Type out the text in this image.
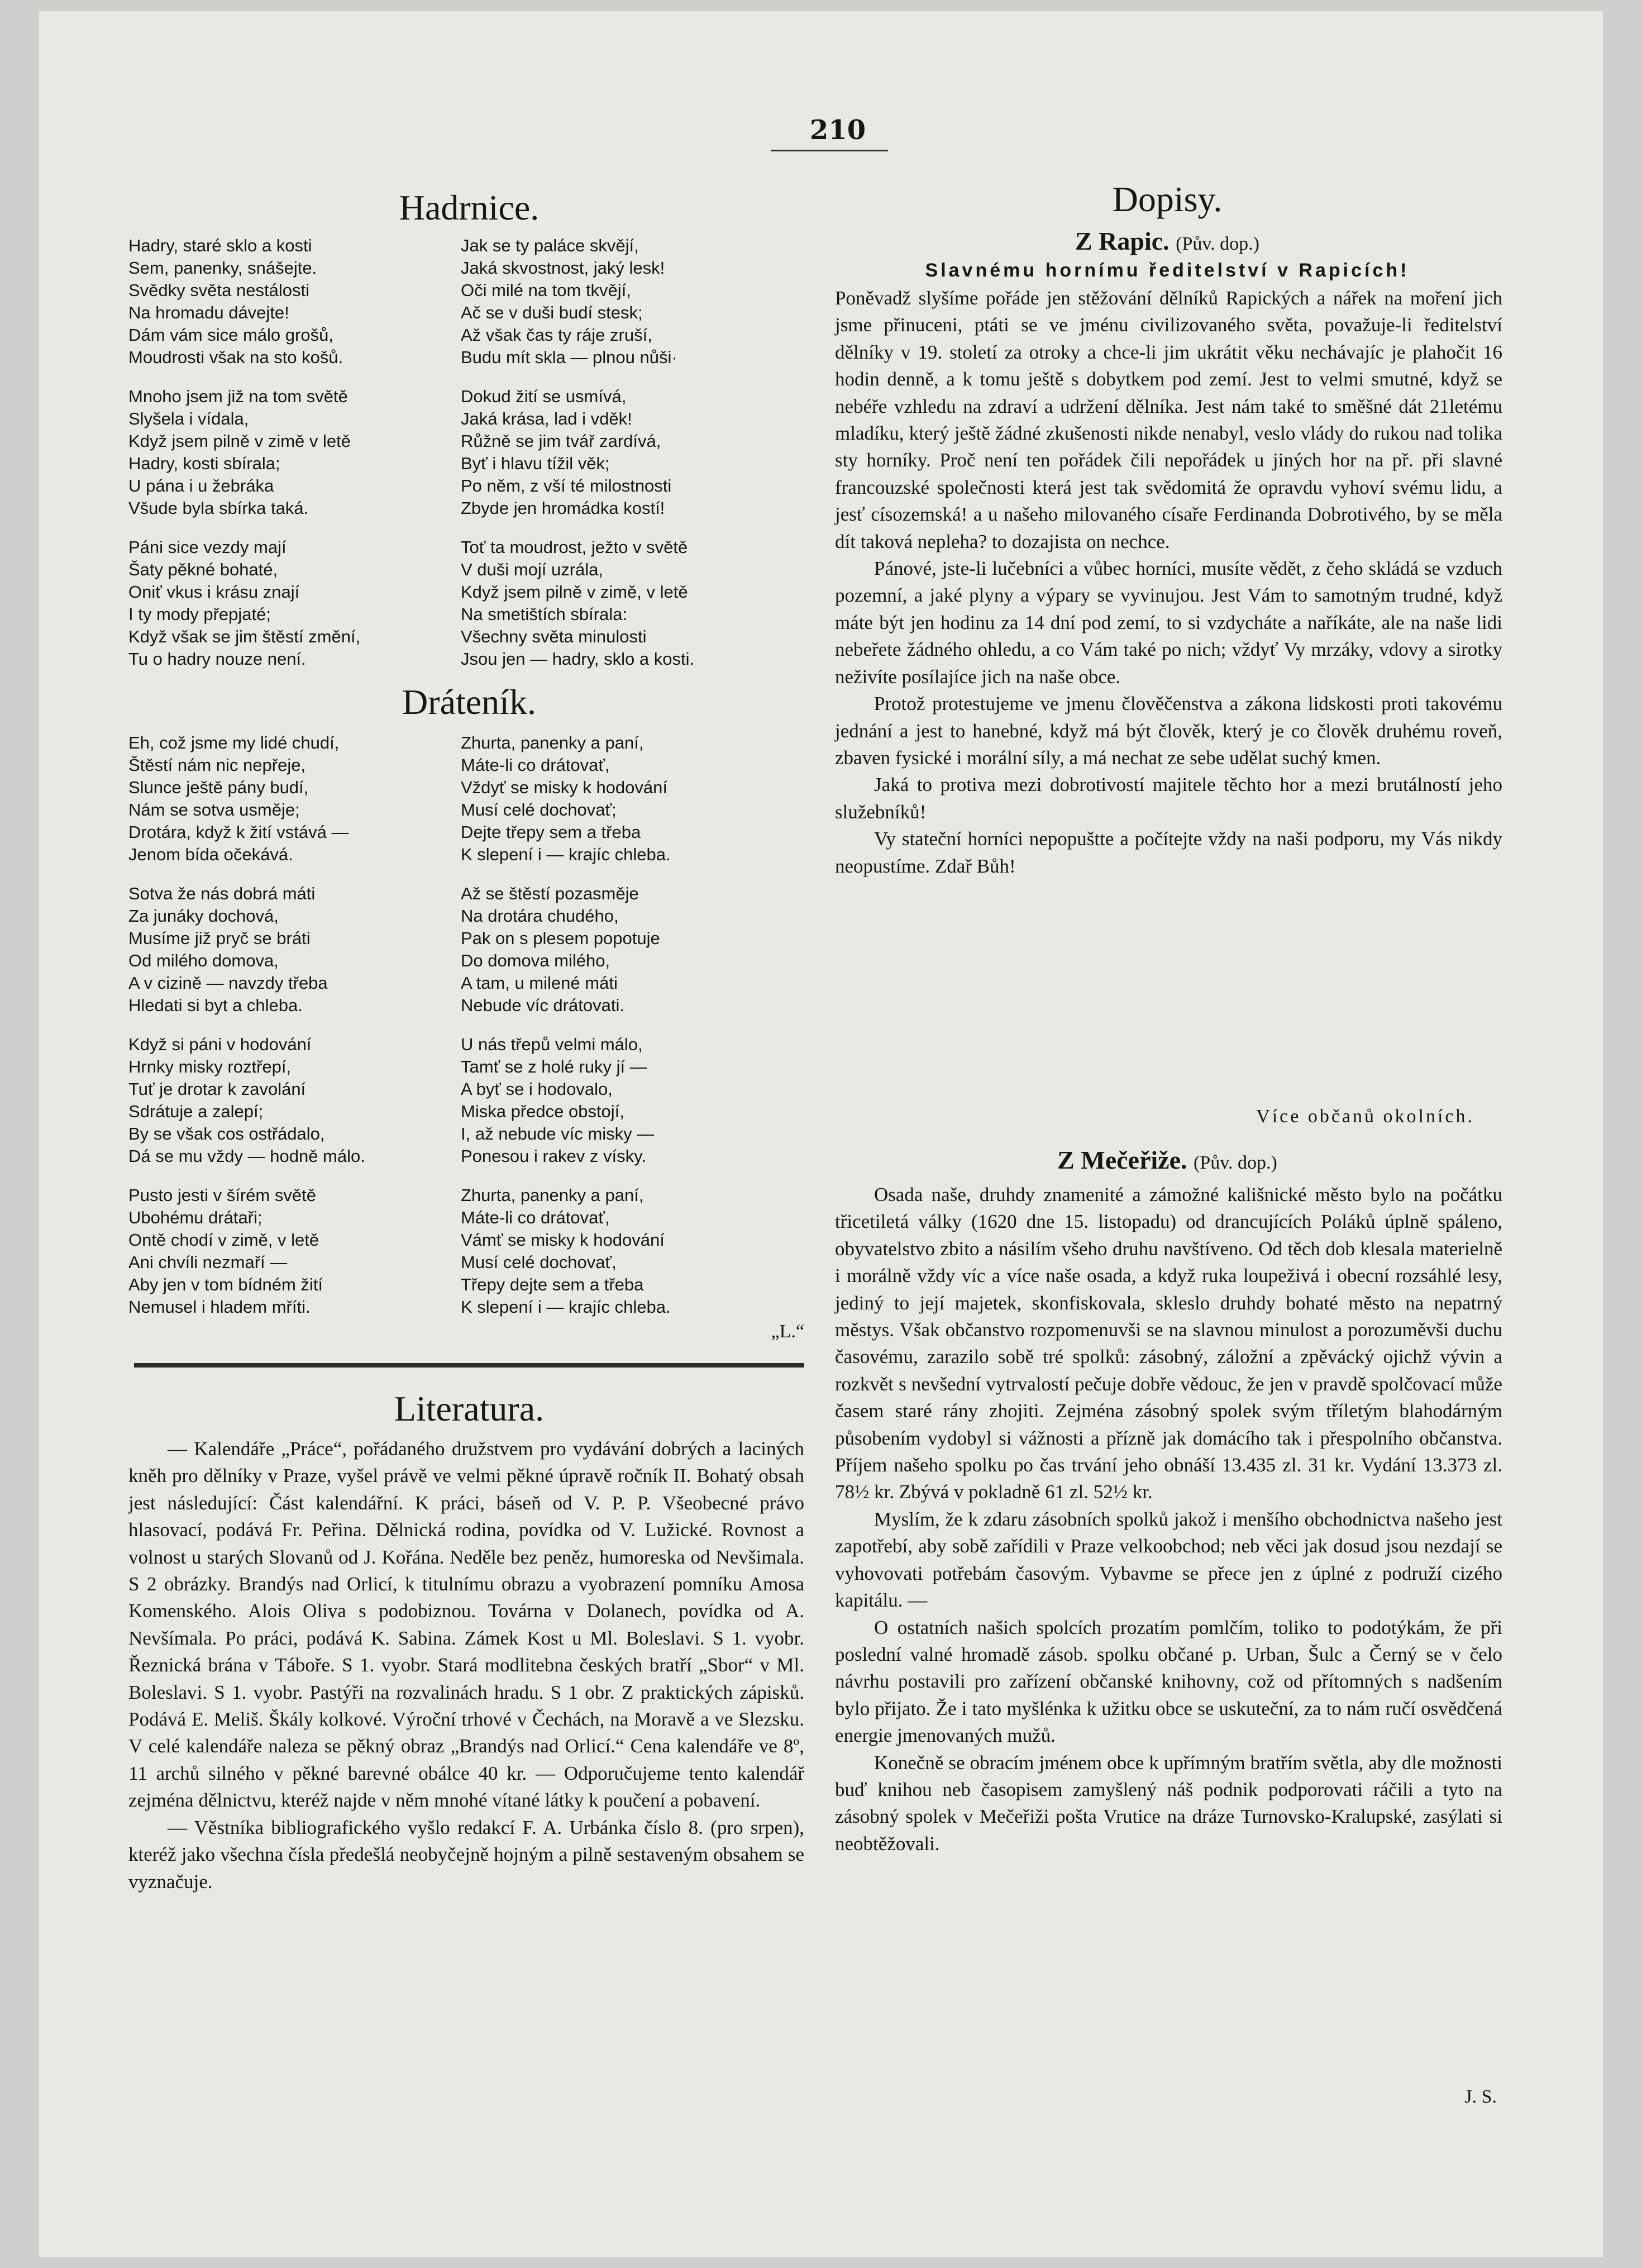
210
Hadrnice.
Hadry, staré sklo a kosti
Sem, panenky, snášejte.
Svědky světa nestálosti
Na hromadu dávejte!
Dám vám sice málo grošů,
Moudrosti však na sto košů.
Mnoho jsem již na tom světě
Slyšela i vídala,
Když jsem pilně v zimě v letě
Hadry, kosti sbírala;
U pána i u žebráka
Všude byla sbírka taká.
Páni sice vezdy mají
Šaty pěkné bohaté,
Oniť vkus i krásu znají
I ty mody přepjaté;
Když však se jim štěstí změní,
Tu o hadry nouze není.
Jak se ty paláce skvějí,
Jaká skvostnost, jaký lesk!
Oči milé na tom tkvějí,
Ač se v duši budí stesk;
Až však čas ty ráje zruší,
Budu mít skla — plnou nůši·
Dokud žití se usmívá,
Jaká krása, lad i vděk!
Růžně se jim tvář zardívá,
Byť i hlavu tížil věk;
Po něm, z vší té milostnosti
Zbyde jen hromádka kostí!
Toť ta moudrost, ježto v světě
V duši mojí uzrála,
Když jsem pilně v zimě, v letě
Na smetištích sbírala:
Všechny světa minulosti
Jsou jen — hadry, sklo a kosti.
Dráteník.
Eh, což jsme my lidé chudí,
Štěstí nám nic nepřeje,
Slunce ještě pány budí,
Nám se sotva usměje;
Drotára, když k žití vstává —
Jenom bída očekává.
Sotva že nás dobrá máti
Za junáky dochová,
Musíme již pryč se bráti
Od milého domova,
A v cizině — navzdy třeba
Hledati si byt a chleba.
Když si páni v hodování
Hrnky misky roztřepí,
Tuť je drotar k zavolání
Sdrátuje a zalepí;
By se však cos ostřádalo,
Dá se mu vždy — hodně málo.
Pusto jesti v šírém světě
Ubohému drátaři;
Ontě chodí v zimě, v letě
Ani chvíli nezmaří —
Aby jen v tom bídném žití
Nemusel i hladem mříti.
Zhurta, panenky a paní,
Máte-li co drátovať,
Vždyť se misky k hodování
Musí celé dochovať;
Dejte třepy sem a třeba
K slepení i — krajíc chleba.
Až se štěstí pozasměje
Na drotára chudého,
Pak on s plesem popotuje
Do domova milého,
A tam, u milené máti
Nebude víc drátovati.
U nás třepů velmi málo,
Tamť se z holé ruky jí —
A byť se i hodovalo,
Miska předce obstojí,
I, až nebude víc misky —
Ponesou i rakev z vísky.
Zhurta, panenky a paní,
Máte-li co drátovať,
Vámť se misky k hodování
Musí celé dochovať,
Třepy dejte sem a třeba
K slepení i — krajíc chleba.
„L.“
Literatura.

— Kalendáře „Práce“, pořádaného družstvem pro vydávání dobrých a laciných kněh pro dělníky v Praze, vyšel právě ve velmi pěkné úpravě ročník II. Bohatý obsah jest následující: Část kalendářní. K práci, báseň od V. P. P. Všeobecné právo hlasovací, podává Fr. Peřina. Dělnická rodina, povídka od V. Lužické. Rovnost a volnost u starých Slovanů od J. Kořána. Neděle bez peněz, humoreska od Nevšimala. S 2 obrázky. Brandýs nad Orlicí, k titulnímu obrazu a vyobrazení pomníku Amosa Komenského. Alois Oliva s podobiznou. Továrna v Dolanech, povídka od A. Nevšímala. Po práci, podává K. Sabina. Zámek Kost u Ml. Boleslavi. S 1. vyobr. Řeznická brána v Táboře. S 1. vyobr. Stará modlitebna českých bratří „Sbor“ v Ml. Boleslavi. S 1. vyobr. Pastýři na rozvalinách hradu. S 1 obr. Z praktických zápisků. Podává E. Meliš. Škály kolkové. Výroční trhové v Čechách, na Moravě a ve Slezsku. V celé kalendáře naleza se pěkný obraz „Brandýs nad Orlicí.“ Cena kalendáře ve 8º, 11 archů silného v pěkné barevné obálce 40 kr. — Odporučujeme tento kalendář zejména dělnictvu, kteréž najde v něm mnohé vítané látky k poučení a pobavení.

— Věstníka bibliografického vyšlo redakcí F. A. Urbánka číslo 8. (pro srpen), kteréž jako všechna čísla předešlá neobyčejně hojným a pilně sestaveným obsahem se vyznačuje.

Dopisy.
Z Rapic. (Pův. dop.)
Slavnému hornímu ředitelství v Rapicích!

Poněvadž slyšíme pořáde jen stěžování dělníků Rapických a nářek na moření jich jsme přinuceni, ptáti se ve jménu civilizovaného světa, považuje-li ředitelství dělníky v 19. století za otroky a chce-li jim ukrátit věku nechávajíc je plahočit 16 hodin denně, a k tomu ještě s dobytkem pod zemí. Jest to velmi smutné, když se nebéře vzhledu na zdraví a udržení dělníka. Jest nám také to směšné dát 21letému mladíku, který ještě žádné zkušenosti nikde nenabyl, veslo vlády do rukou nad tolika sty horníky. Proč není ten pořádek čili nepořádek u jiných hor na př. při slavné francouzské společnosti která jest tak svědomitá že opravdu vyhoví svému lidu, a jesť císozemská! a u našeho milovaného císaře Ferdinanda Dobrotivého, by se měla dít taková nepleha? to dozajista on nechce.

Pánové, jste-li lučebníci a vůbec horníci, musíte vědět, z čeho skládá se vzduch pozemní, a jaké plyny a výpary se vyvinujou. Jest Vám to samotným trudné, když máte být jen hodinu za 14 dní pod zemí, to si vzdycháte a naříkáte, ale na naše lidi nebeřete žádného ohledu, a co Vám také po nich; vždyť Vy mrzáky, vdovy a sirotky neživíte posílajíce jich na naše obce.

Protož protestujeme ve jmenu člověčenstva a zákona lidskosti proti takovému jednání a jest to hanebné, když má být člověk, který je co člověk druhému roveň, zbaven fysické i morální síly, a má nechat ze sebe udělat suchý kmen.

Jaká to protiva mezi dobrotivostí majitele těchto hor a mezi brutálností jeho služebníků!

Vy stateční horníci nepopuštte a počítejte vždy na naši podporu, my Vás nikdy neopustíme. Zdař Bůh!

Více občanů okolních.
Z Mečeřiže. (Pův. dop.)

Osada naše, druhdy znamenité a zámožné kališnické město bylo na počátku třicetiletá války (1620 dne 15. listopadu) od drancujících Poláků úplně spáleno, obyvatelstvo zbito a násilím všeho druhu navštíveno. Od těch dob klesala materielně i morálně vždy víc a více naše osada, a když ruka loupeživá i obecní rozsáhlé lesy, jediný to její majetek, skonfiskovala, skleslo druhdy bohaté město na nepatrný městys. Však občanstvo rozpomenuvši se na slavnou minulost a porozuměvši duchu časovému, zarazilo sobě tré spolků: zásobný, záložní a zpěvácký ojichž vývin a rozkvět s nevšední vytrvalostí pečuje dobře vědouc, že jen v pravdě spolčovací může časem staré rány zhojiti. Zejména zásobný spolek svým tříletým blahodárným působením vydobyl si vážnosti a přízně jak domácího tak i přespolního občanstva. Příjem našeho spolku po čas trvání jeho obnáší 13.435 zl. 31 kr. Vydání 13.373 zl. 78½ kr. Zbývá v pokladně 61 zl. 52½ kr.

Myslím, že k zdaru zásobních spolků jakož i menšího obchodnictva našeho jest zapotřebí, aby sobě zařídili v Praze velkoobchod; neb věci jak dosud jsou nezdají se vyhovovati potřebám časovým. Vybavme se přece jen z úplné z podruží cizého kapitálu. —

O ostatních našich spolcích prozatím pomlčím, toliko to podotýkám, že při poslední valné hromadě zásob. spolku občané p. Urban, Šulc a Černý se v čelo návrhu postavili pro zařízení občanské knihovny, což od přítomných s nadšením bylo přijato. Že i tato myšlénka k užitku obce se uskuteční, za to nám ručí osvědčená energie jmenovaných mužů.

Konečně se obracím jménem obce k upřímným bratřím světla, aby dle možnosti buď knihou neb časopisem zamyšlený náš podnik podporovati ráčili a tyto na zásobný spolek v Mečeřiži pošta Vrutice na dráze Turnovsko-Kralupské, zasýlati si neobtěžovali.

J. S.
